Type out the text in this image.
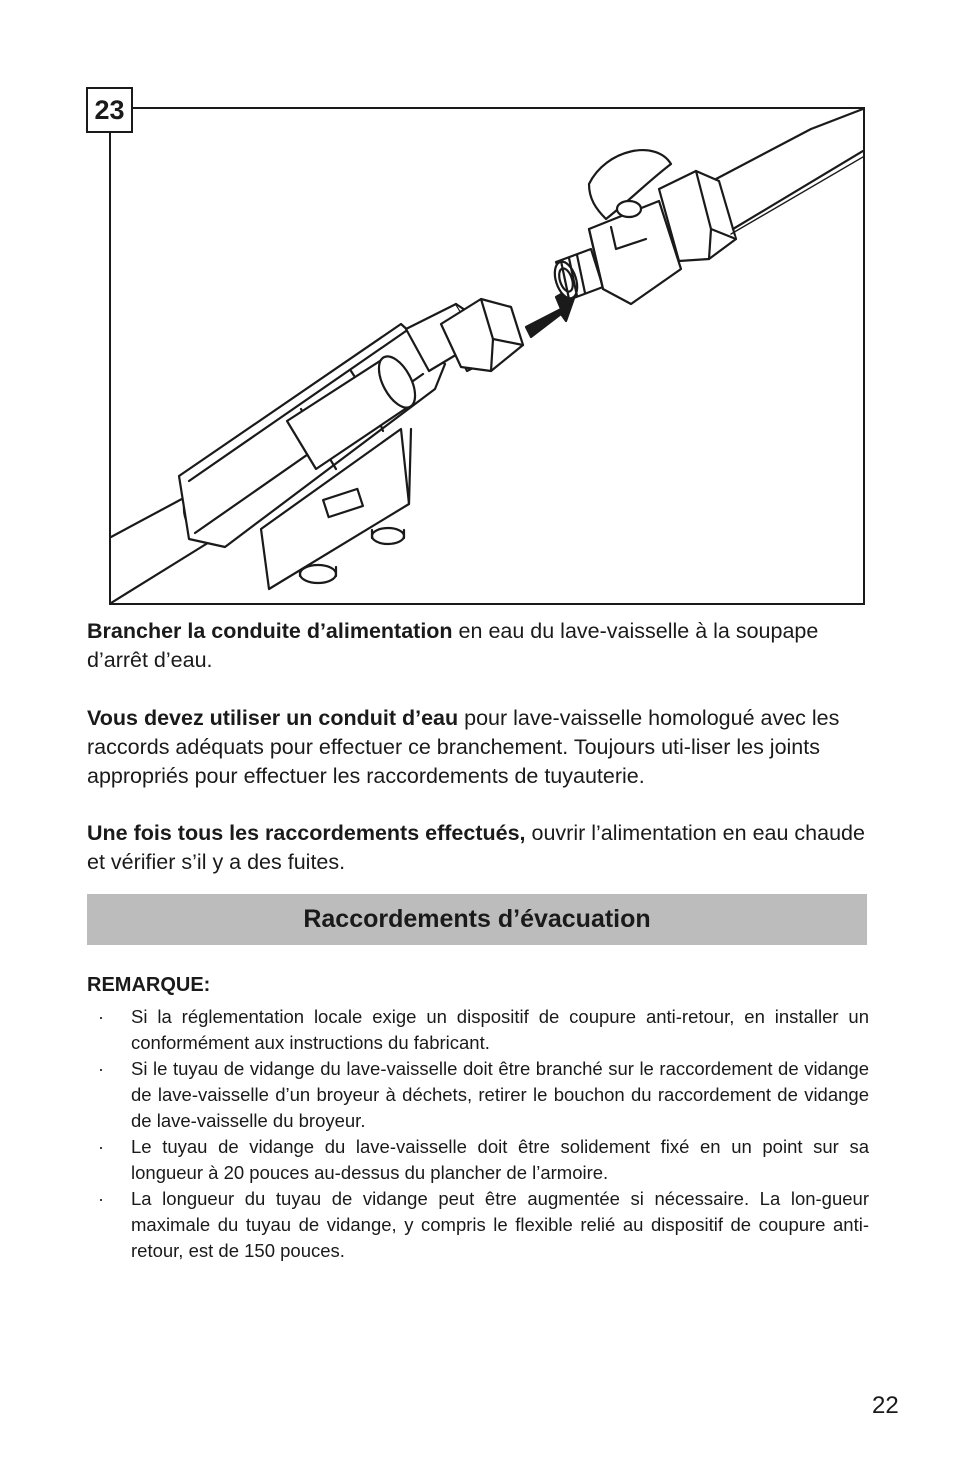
23

Brancher la conduite d’alimentation en eau du lave-vaisselle à la soupape d’arrêt d’eau.

Vous devez utiliser un conduit d’eau pour lave-vaisselle homologué avec les raccords adéquats pour effectuer ce branchement. Toujours uti-liser les joints appropriés pour effectuer les raccordements de tuyauterie.

Une fois tous les raccordements effectués, ouvrir l’alimentation en eau chaude et vérifier s’il y a des fuites.

Raccordements d’évacuation

REMARQUE:

· Si la réglementation locale exige un dispositif de coupure anti-retour, en installer un conformément aux instructions du fabricant.
· Si le tuyau de vidange du lave-vaisselle doit être branché sur le raccordement de vidange de lave-vaisselle d’un broyeur à déchets, retirer le bouchon du raccordement de vidange de lave-vaisselle du broyeur.
· Le tuyau de vidange du lave-vaisselle doit être solidement fixé en un point sur sa longueur à 20 pouces au-dessus du plancher de l’armoire.
· La longueur du tuyau de vidange peut être augmentée si nécessaire. La lon-gueur maximale du tuyau de vidange, y compris le flexible relié au dispositif de coupure anti-retour, est de 150 pouces.
22
